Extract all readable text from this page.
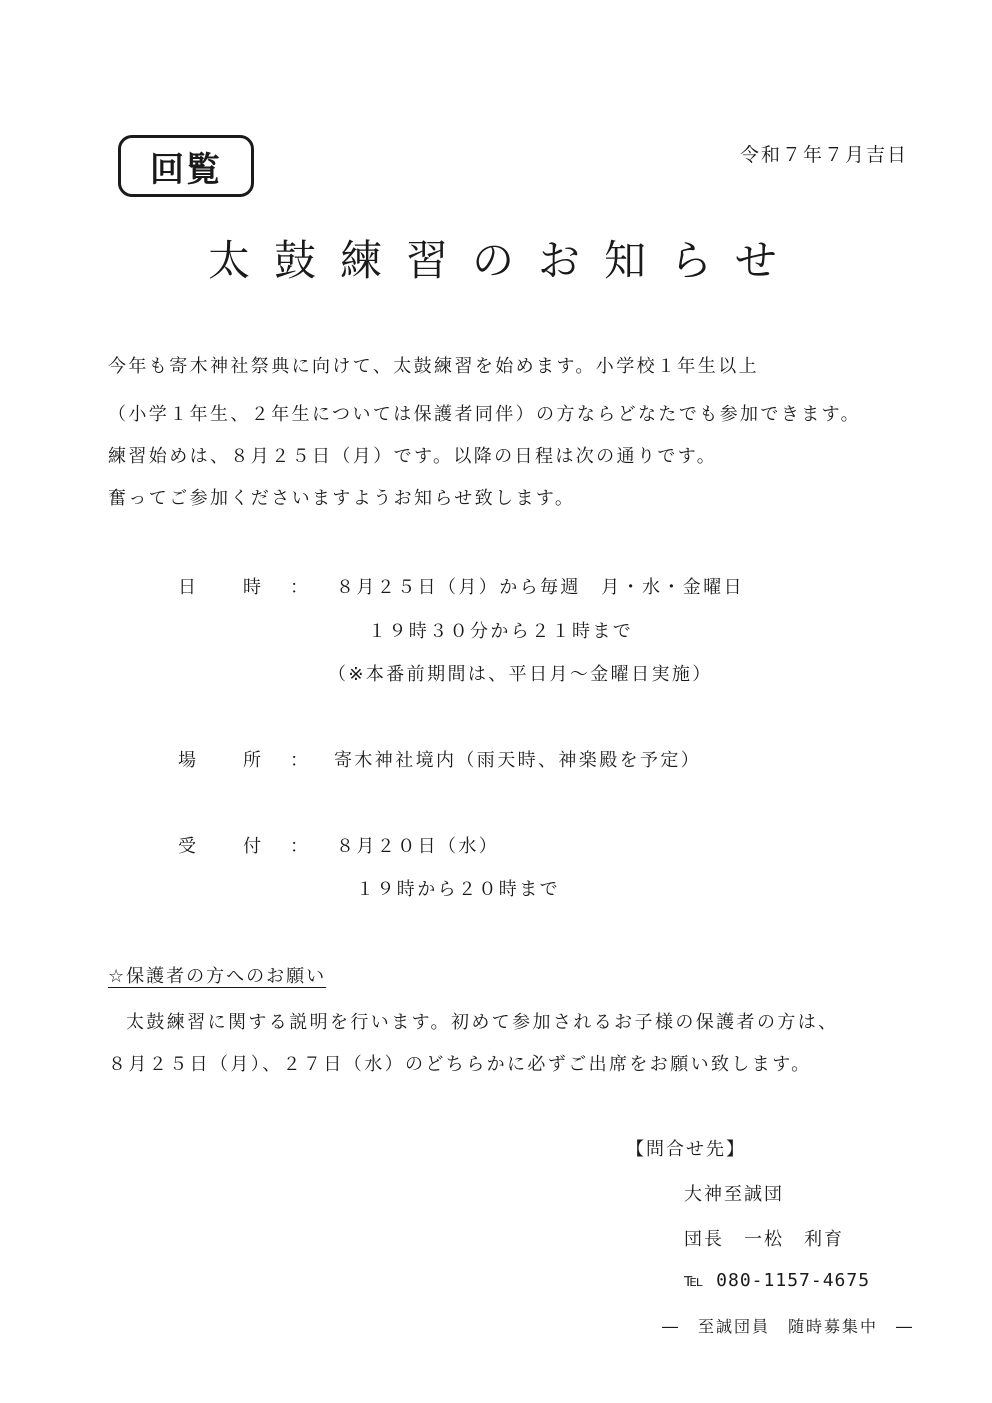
回覧	令和７年７月吉日
太鼓練習のお知らせ
今年も寄木神社祭典に向けて、太鼓練習を始めます。小学校１年生以上
（小学１年生、２年生については保護者同伴）の方ならどなたでも参加できます。
練習始めは、８月２５日（月）です。以降の日程は次の通りです。
奮ってご参加くださいますようお知らせ致します。
日	時 ： ８月２５日（月）から毎週　月・水・金曜日
１９時３０分から２１時まで
（※本番前期間は、平日月～金曜日実施）
場	所 ： 寄木神社境内（雨天時、神楽殿を予定）
受	付 ： ８月２０日（水）
１９時から２０時まで
☆保護者の方へのお願い
太鼓練習に関する説明を行います。初めて参加されるお子様の保護者の方は、
８月２５日（月）、２７日（水）のどちらかに必ずご出席をお願い致します。
【問合せ先】
大神至誠団
団長　一松　利育
℡ 080-1157-4675
―　至誠団員　随時募集中　―
